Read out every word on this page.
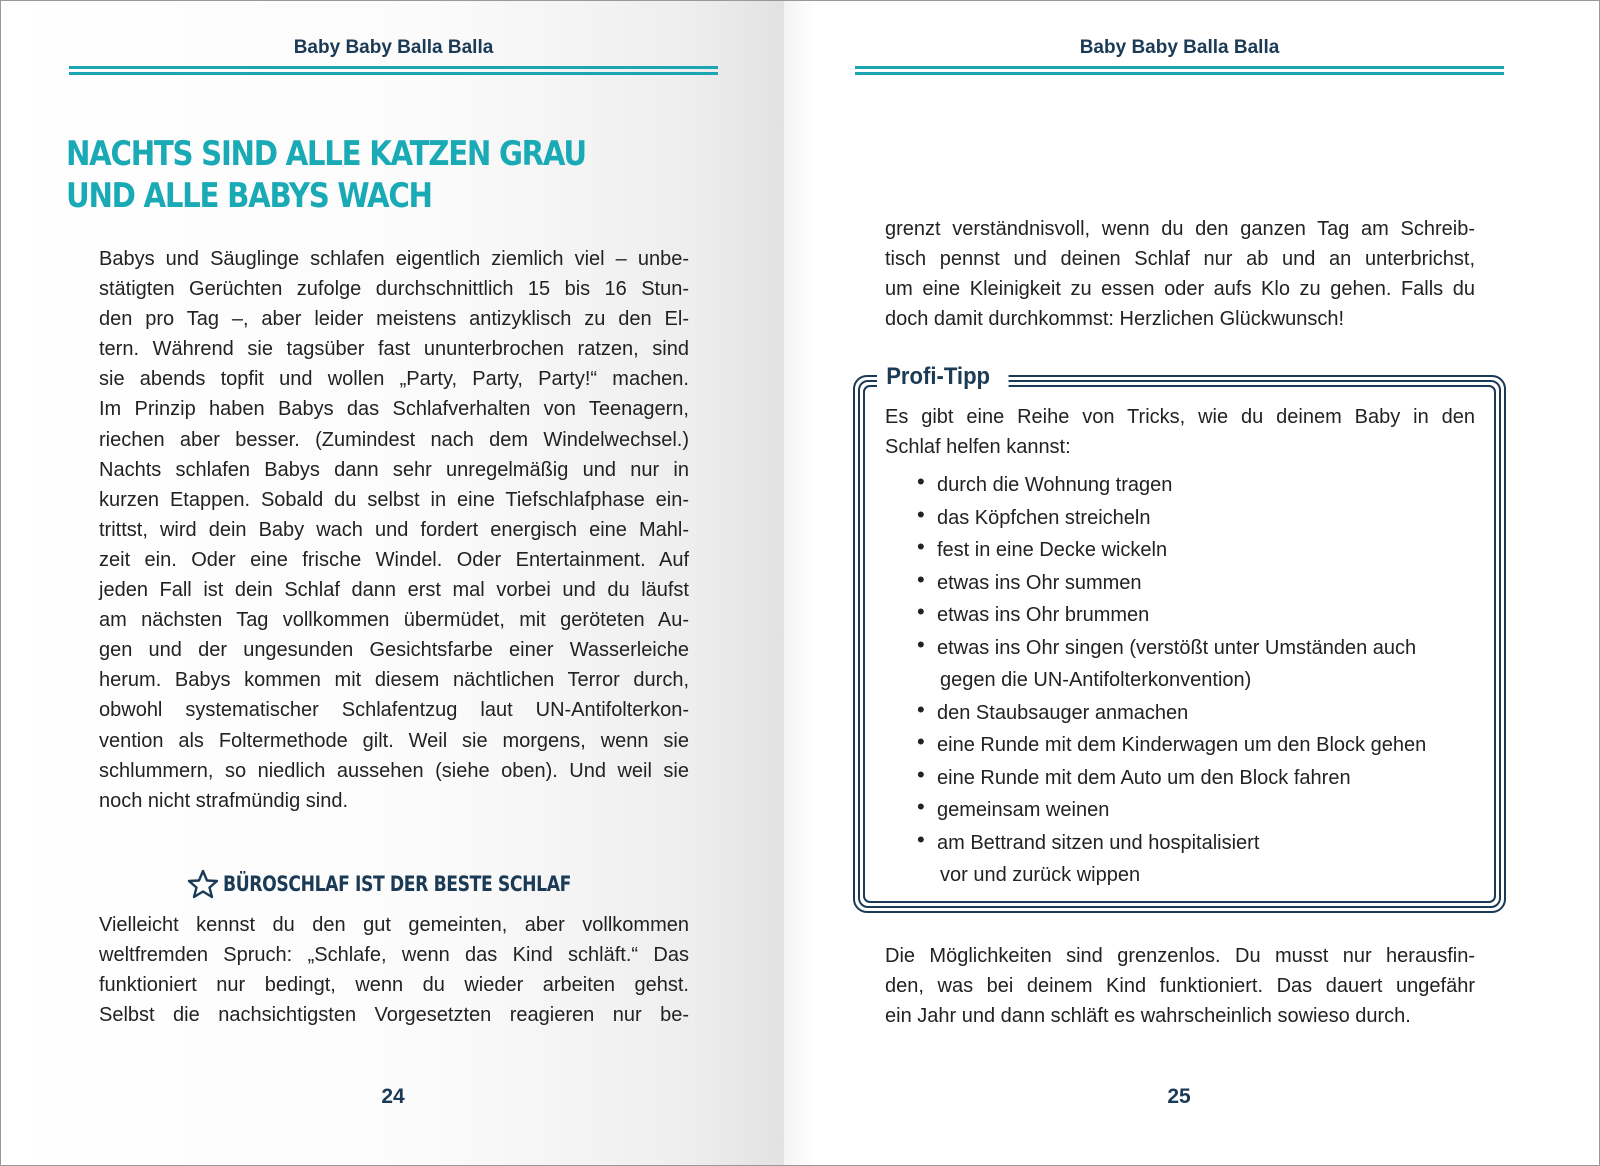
Baby Baby Balla Balla
NACHTS SIND ALLE KATZEN GRAU
UND ALLE BABYS WACH
Babys und Säuglinge schlafen eigentlich ziemlich viel – unbe-
stätigten Gerüchten zufolge durchschnittlich 15 bis 16 Stun-
den pro Tag –, aber leider meistens antizyklisch zu den El-
tern. Während sie tagsüber fast ununterbrochen ratzen, sind
sie abends topfit und wollen „Party, Party, Party!“ machen.
Im Prinzip haben Babys das Schlafverhalten von Teenagern,
riechen aber besser. (Zumindest nach dem Windelwechsel.)
Nachts schlafen Babys dann sehr unregelmäßig und nur in
kurzen Etappen. Sobald du selbst in eine Tiefschlafphase ein-
trittst, wird dein Baby wach und fordert energisch eine Mahl-
zeit ein. Oder eine frische Windel. Oder Entertainment. Auf
jeden Fall ist dein Schlaf dann erst mal vorbei und du läufst
am nächsten Tag vollkommen übermüdet, mit geröteten Au-
gen und der ungesunden Gesichtsfarbe einer Wasserleiche
herum. Babys kommen mit diesem nächtlichen Terror durch,
obwohl systematischer Schlafentzug laut UN-Antifolterkon-
vention als Foltermethode gilt. Weil sie morgens, wenn sie
schlummern, so niedlich aussehen (siehe oben). Und weil sie
noch nicht strafmündig sind.
BÜROSCHLAF IST DER BESTE SCHLAF
Vielleicht kennst du den gut gemeinten, aber vollkommen
weltfremden Spruch: „Schlafe, wenn das Kind schläft.“ Das
funktioniert nur bedingt, wenn du wieder arbeiten gehst.
Selbst die nachsichtigsten Vorgesetzten reagieren nur be-
24
Baby Baby Balla Balla
grenzt verständnisvoll, wenn du den ganzen Tag am Schreib-
tisch pennst und deinen Schlaf nur ab und an unterbrichst,
um eine Kleinigkeit zu essen oder aufs Klo zu gehen. Falls du
doch damit durchkommst: Herzlichen Glückwunsch!
25
Die Möglichkeiten sind grenzenlos. Du musst nur herausfin-
den, was bei deinem Kind funktioniert. Das dauert ungefähr
ein Jahr und dann schläft es wahrscheinlich sowieso durch.
Profi-Tipp
Es gibt eine Reihe von Tricks, wie du deinem Baby in den
Schlaf helfen kannst:
• durch die Wohnung tragen
• das Köpfchen streicheln
• fest in eine Decke wickeln
• etwas ins Ohr summen
• etwas ins Ohr brummen
• etwas ins Ohr singen (verstößt unter Umständen auch
gegen die UN-Antifolterkonvention)
• den Staubsauger anmachen
• eine Runde mit dem Kinderwagen um den Block gehen
• eine Runde mit dem Auto um den Block fahren
• gemeinsam weinen
• am Bettrand sitzen und hospitalisiert
vor und zurück wippen
